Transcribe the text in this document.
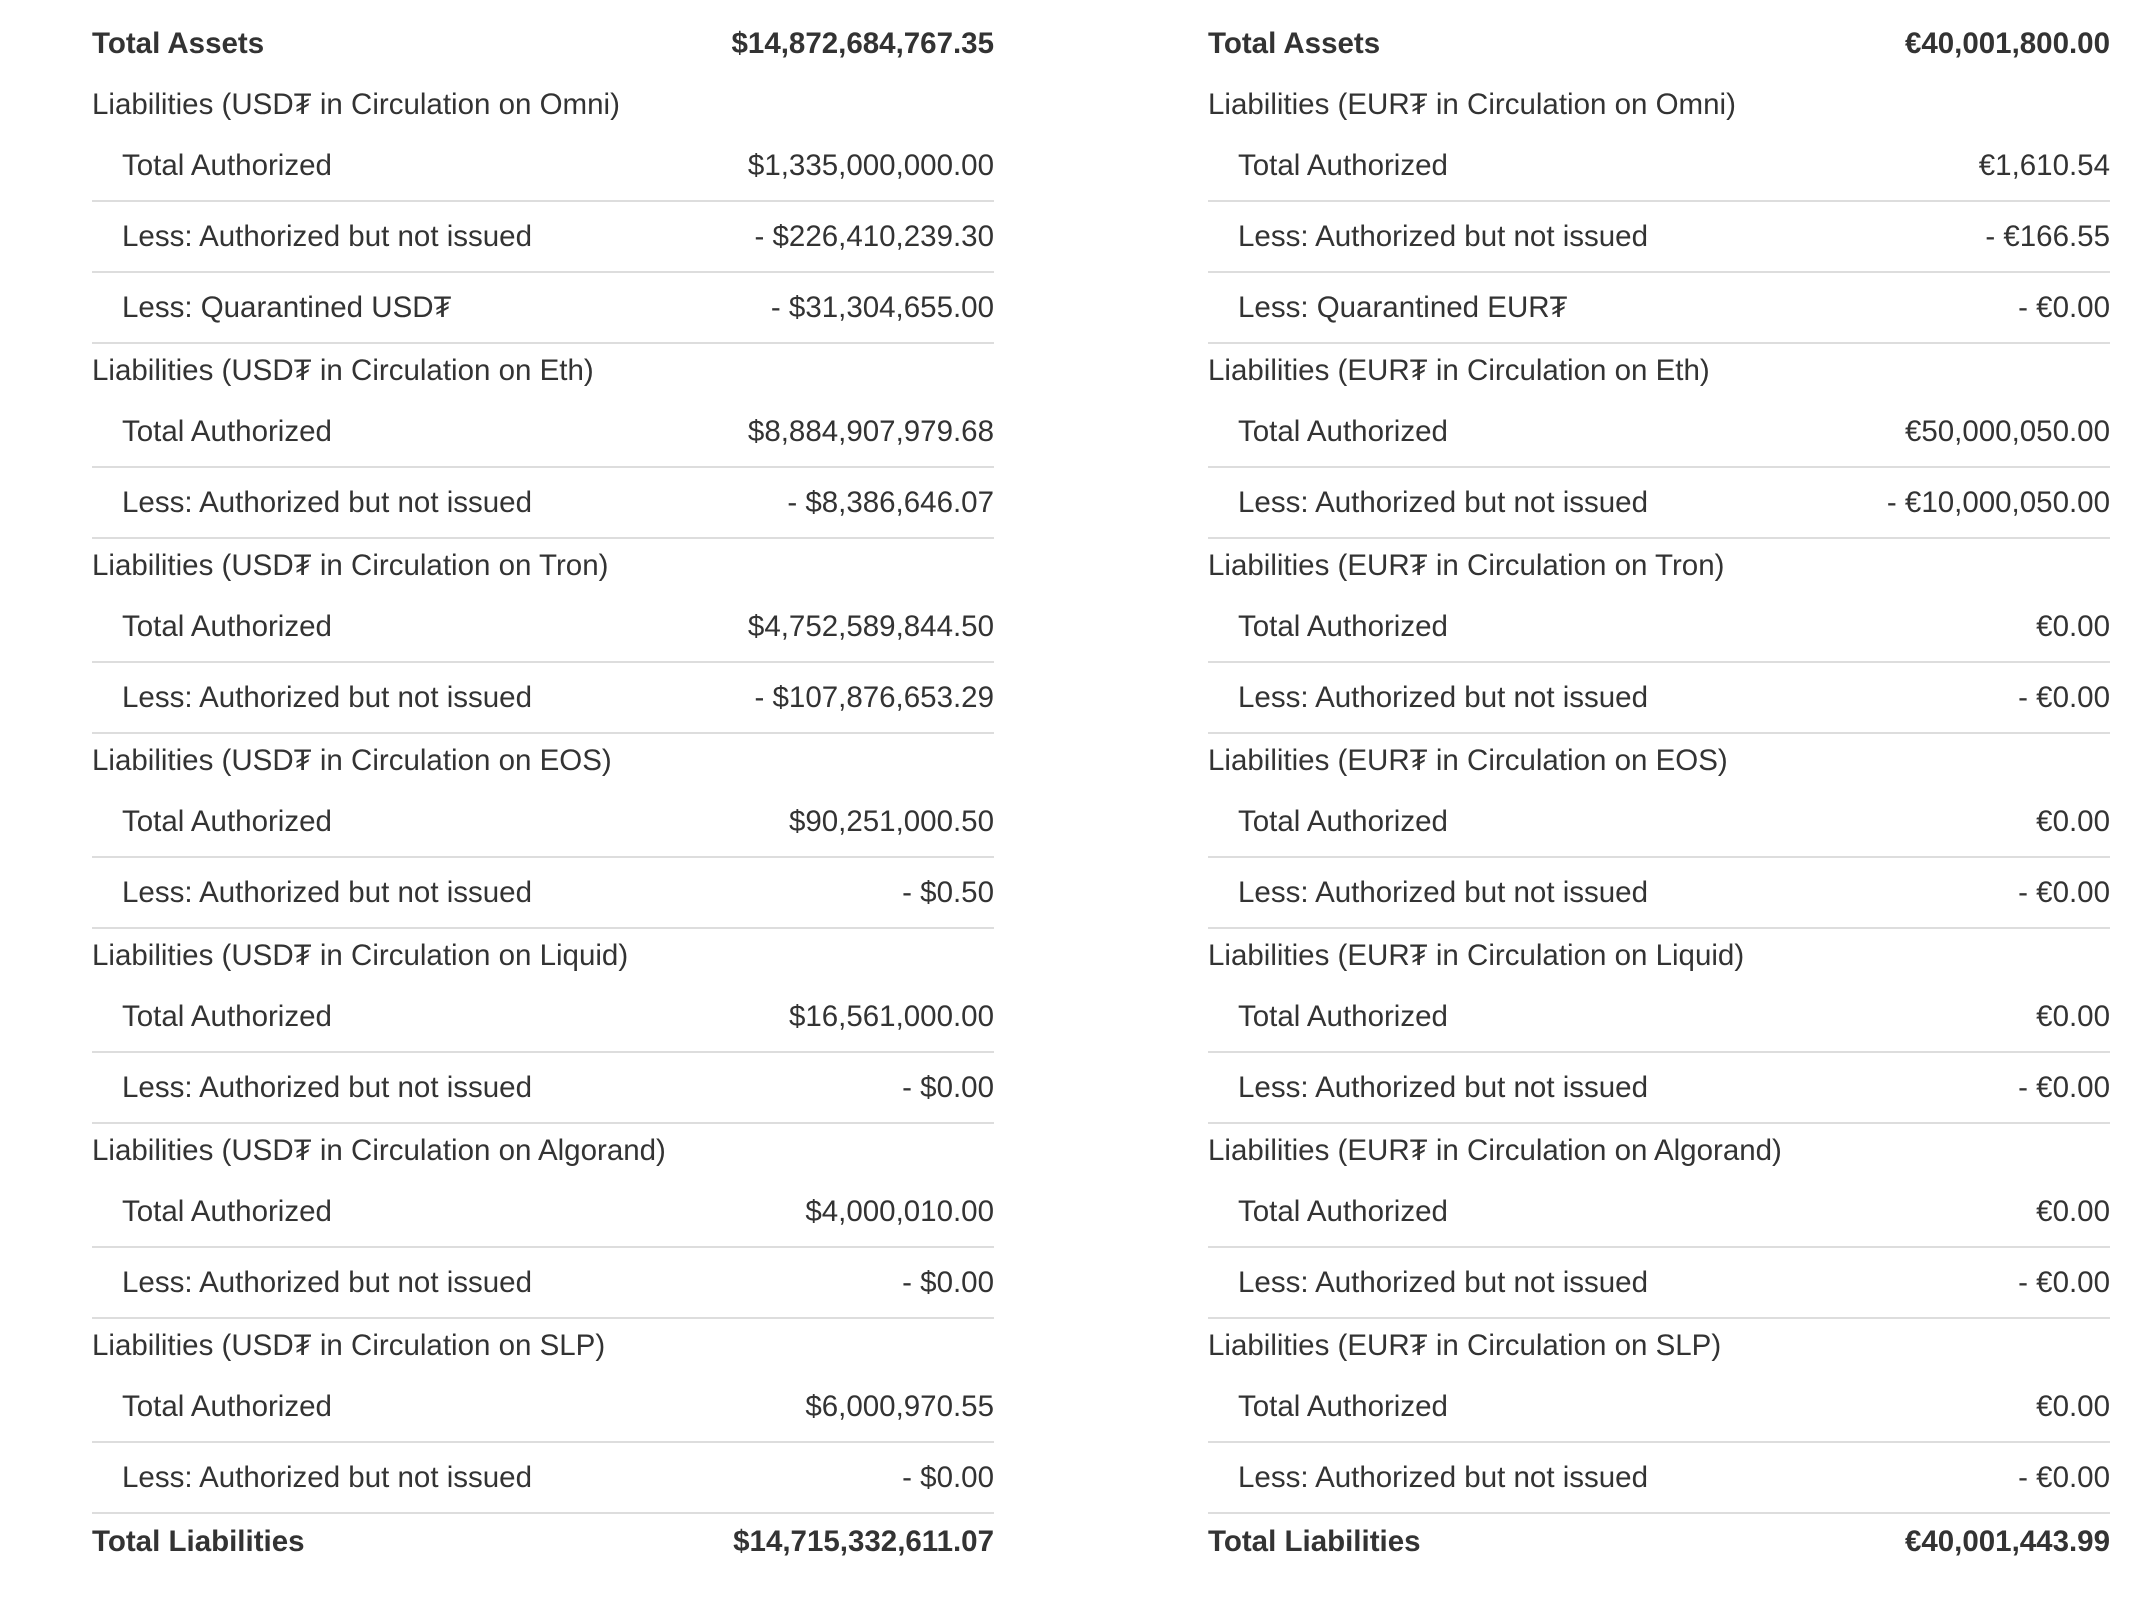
Total Assets	$14,872,684,767.35
Liabilities (USD₮ in Circulation on Omni)
Total Authorized	$1,335,000,000.00
Less: Authorized but not issued	- $226,410,239.30
Less: Quarantined USD₮	- $31,304,655.00
Liabilities (USD₮ in Circulation on Eth)
Total Authorized	$8,884,907,979.68
Less: Authorized but not issued	- $8,386,646.07
Liabilities (USD₮ in Circulation on Tron)
Total Authorized	$4,752,589,844.50
Less: Authorized but not issued	- $107,876,653.29
Liabilities (USD₮ in Circulation on EOS)
Total Authorized	$90,251,000.50
Less: Authorized but not issued	- $0.50
Liabilities (USD₮ in Circulation on Liquid)
Total Authorized	$16,561,000.00
Less: Authorized but not issued	- $0.00
Liabilities (USD₮ in Circulation on Algorand)
Total Authorized	$4,000,010.00
Less: Authorized but not issued	- $0.00
Liabilities (USD₮ in Circulation on SLP)
Total Authorized	$6,000,970.55
Less: Authorized but not issued	- $0.00
Total Liabilities	$14,715,332,611.07
Total Assets	€40,001,800.00
Liabilities (EUR₮ in Circulation on Omni)
Total Authorized	€1,610.54
Less: Authorized but not issued	- €166.55
Less: Quarantined EUR₮	- €0.00
Liabilities (EUR₮ in Circulation on Eth)
Total Authorized	€50,000,050.00
Less: Authorized but not issued	- €10,000,050.00
Liabilities (EUR₮ in Circulation on Tron)
Total Authorized	€0.00
Less: Authorized but not issued	- €0.00
Liabilities (EUR₮ in Circulation on EOS)
Total Authorized	€0.00
Less: Authorized but not issued	- €0.00
Liabilities (EUR₮ in Circulation on Liquid)
Total Authorized	€0.00
Less: Authorized but not issued	- €0.00
Liabilities (EUR₮ in Circulation on Algorand)
Total Authorized	€0.00
Less: Authorized but not issued	- €0.00
Liabilities (EUR₮ in Circulation on SLP)
Total Authorized	€0.00
Less: Authorized but not issued	- €0.00
Total Liabilities	€40,001,443.99
